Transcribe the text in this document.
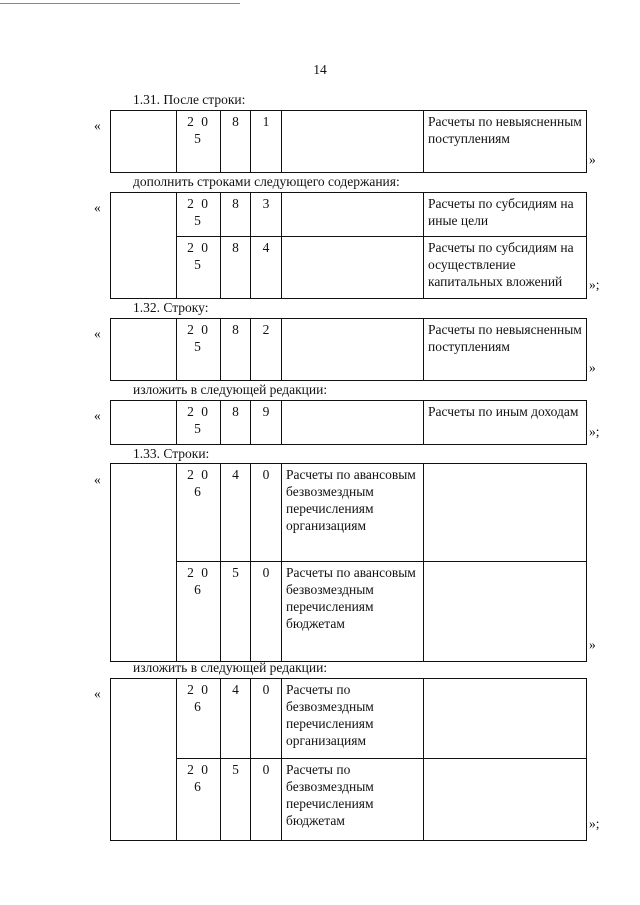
14
1.31. После строки:
«
		2 0 5	8	1		Расчеты по невыясненным поступлениям
»
дополнить строками следующего содержания:
«
		2 0 5	8	3		Расчеты по субсидиям на иные цели
	2 0 5	8	4		Расчеты по субсидиям на осуществление капитальных вложений »;
1.32. Строку:
«
		2 0 5	8	2		Расчеты по невыясненным поступлениям
»
изложить в следующей редакции:
«
		2 0 5	8	9		Расчеты по иным доходам
»;
1.33. Строки:
«
		2 0 6	4	0	Расчеты по авансовым безвозмездным перечислениям организациям	
	2 0 6	5	0	Расчеты по авансовым безвозмездным перечислениям бюджетам	
»
изложить в следующей редакции:
«
		2 0 6	4	0	Расчеты по безвозмездным перечислениям организациям	
	2 0 6	5	0	Расчеты по безвозмездным перечислениям бюджетам		»;
